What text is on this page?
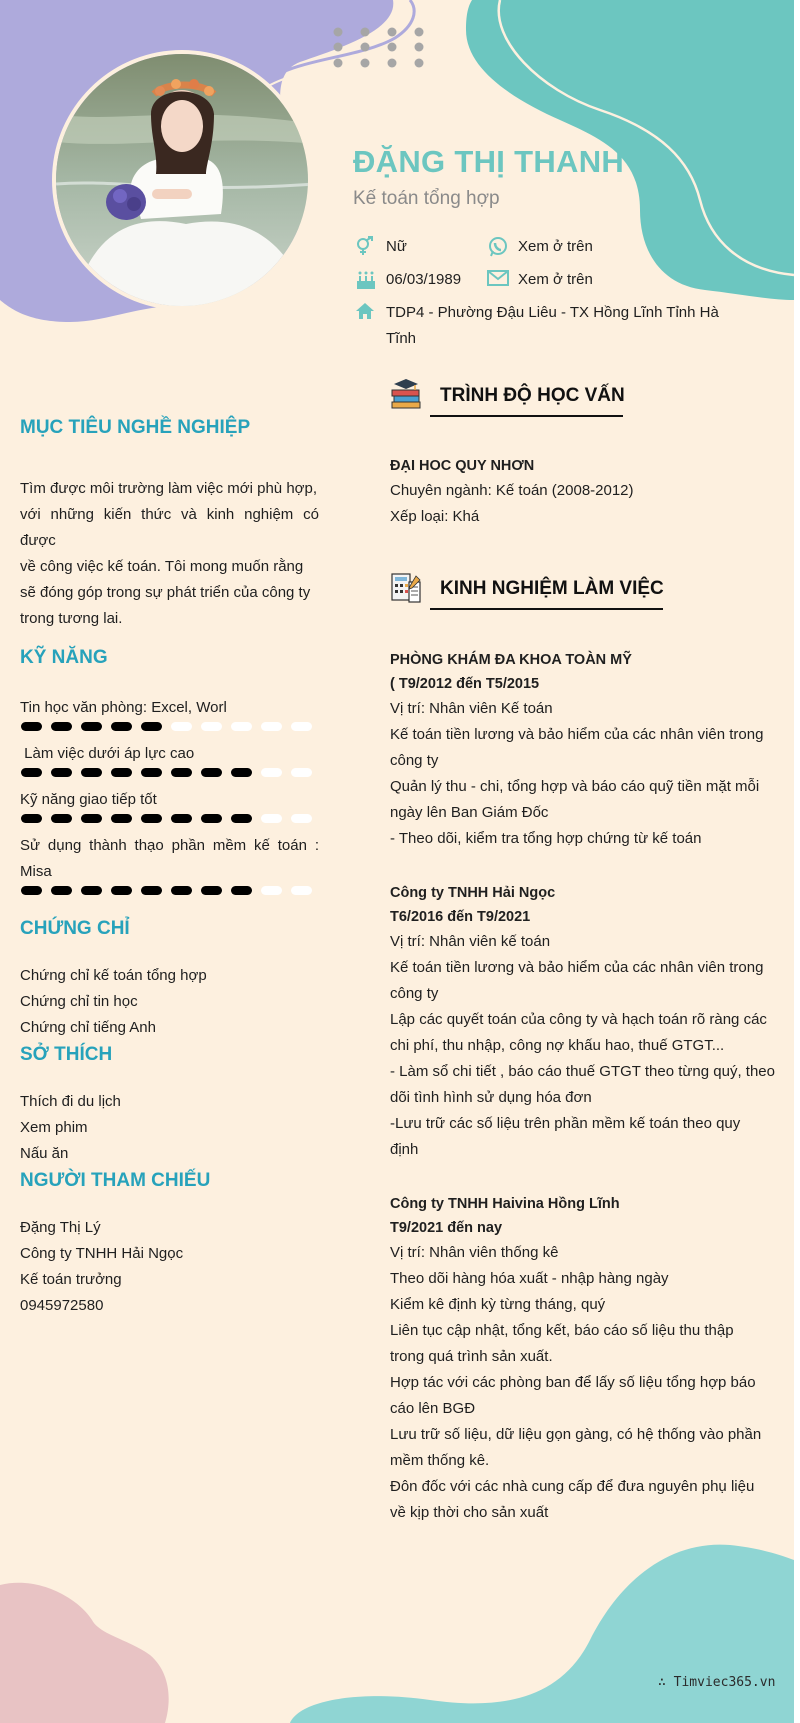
ĐẶNG THỊ THANH
Kế toán tổng hợp
Nữ	Xem ở trên
06/03/1989	Xem ở trên
TDP4 - Phường Đậu Liêu - TX Hồng Lĩnh Tỉnh Hà
Tĩnh
MỤC TIÊU NGHỀ NGHIỆP
Tìm được môi trường làm việc mới phù hợp,
với những kiến thức và kinh nghiệm có được
về công việc kế toán. Tôi mong muốn rằng
sẽ đóng góp trong sự phát triển của công ty
trong tương lai.
KỸ NĂNG
Tin học văn phòng: Excel, Worl
Làm việc dưới áp lực cao
Kỹ năng giao tiếp tốt
Sử dụng thành thạo phần mềm kế toán :
Misa
CHỨNG CHỈ
Chứng chỉ kế toán tổng hợp
Chứng chỉ tin học
Chứng chỉ tiếng Anh
SỞ THÍCH
Thích đi du lịch
Xem phim
Nấu ăn
NGƯỜI THAM CHIẾU
Đặng Thị Lý
Công ty TNHH Hải Ngọc
Kế toán trưởng
0945972580
TRÌNH ĐỘ HỌC VẤN
ĐẠI HOC QUY NHƠN
Chuyên ngành: Kế toán (2008-2012)
Xếp loại: Khá
KINH NGHIỆM LÀM VIỆC
PHÒNG KHÁM ĐA KHOA TOÀN MỸ
( T9/2012 đến T5/2015
Vị trí: Nhân viên Kế toán
Kế toán tiền lương và bảo hiểm của các nhân viên trong
công ty
Quản lý thu - chi, tổng hợp và báo cáo quỹ tiền mặt mỗi
ngày lên Ban Giám Đốc
- Theo dõi, kiểm tra tổng hợp chứng từ kế toán
Công ty TNHH Hải Ngọc
T6/2016 đến T9/2021
Vị trí: Nhân viên kế toán
Kế toán tiền lương và bảo hiểm của các nhân viên trong
công ty
Lập các quyết toán của công ty và hạch toán rõ ràng các
chi phí, thu nhập, công nợ khấu hao, thuế GTGT...
- Làm sổ chi tiết , báo cáo thuế GTGT theo từng quý, theo
dõi tình hình sử dụng hóa đơn
-Lưu trữ các số liệu trên phần mềm kế toán theo quy
định
Công ty TNHH Haivina Hồng Lĩnh
T9/2021 đến nay
Vị trí: Nhân viên thống kê
Theo dõi hàng hóa xuất - nhập hàng ngày
Kiểm kê định kỳ từng tháng, quý
Liên tục cập nhật, tổng kết, báo cáo số liệu thu thập
trong quá trình sản xuất.
Hợp tác với các phòng ban để lấy số liệu tổng hợp báo
cáo lên BGĐ
Lưu trữ số liệu, dữ liệu gọn gàng, có hệ thống vào phần
mềm thống kê.
Đôn đốc với các nhà cung cấp để đưa nguyên phụ liệu
về kịp thời cho sản xuất
∴ Timviec365.vn
